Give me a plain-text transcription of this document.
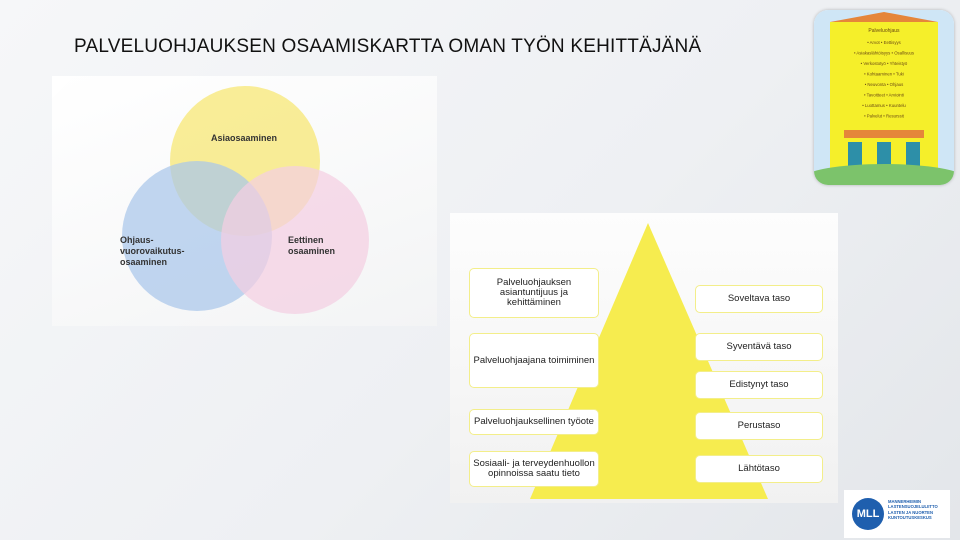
PALVELUOHJAUKSEN OSAAMISKARTTA OMAN TYÖN KEHITTÄJÄNÄ
Asiaosaaminen
Ohjaus-
vuorovaikutus-
osaaminen
Eettinen
osaaminen
Palveluohjauksen
asiantuntijuus ja
kehittäminen
Palveluohjaajana toimiminen
Palveluohjauksellinen työote
Sosiaali- ja terveydenhuollon
opinnoissa saatu tieto
Soveltava taso
Syventävä taso
Edistynyt taso
Perustaso
Lähtötaso
Palveluohjaus
• Arvot • Eettisyys
• Asiakaslähtöisyys • Osallisuus
• Verkostotyö • Yhteistyö
• Kohtaaminen • Tuki
• Neuvonta • Ohjaus
• Tavoitteet • Arviointi
• Luottamus • Kuuntelu
• Palvelut • Resurssit
MLL
MANNERHEIMIN
LASTENSUOJELULIITTO
LASTEN JA NUORTEN
KUNTOUTUSKESKUS
